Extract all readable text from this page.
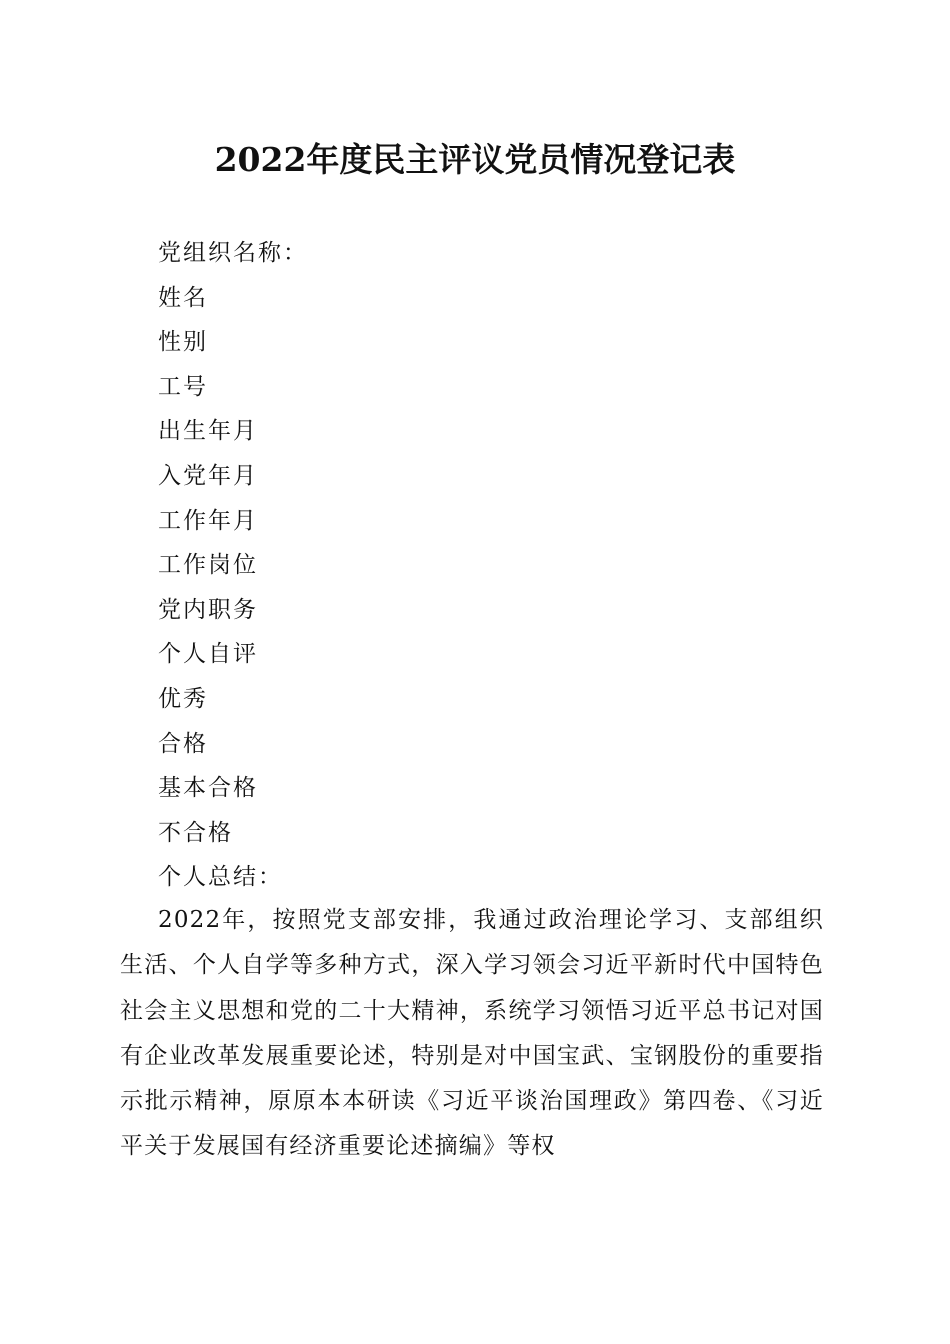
2022年度民主评议党员情况登记表
党组织名称：
姓名
性别
工号
出生年月
入党年月
工作年月
工作岗位
党内职务
个人自评
优秀
合格
基本合格
不合格
个人总结：

2022年，按照党支部安排，我通过政治理论学习、支部组织生活、个人自学等多种方式，深入学习领会习近平新时代中国特色社会主义思想和党的二十大精神，系统学习领悟习近平总书记对国有企业改革发展重要论述，特别是对中国宝武、宝钢股份的重要指示批示精神，原原本本研读《习近平谈治国理政》第四卷、《习近平关于发展国有经济重要论述摘编》等权
